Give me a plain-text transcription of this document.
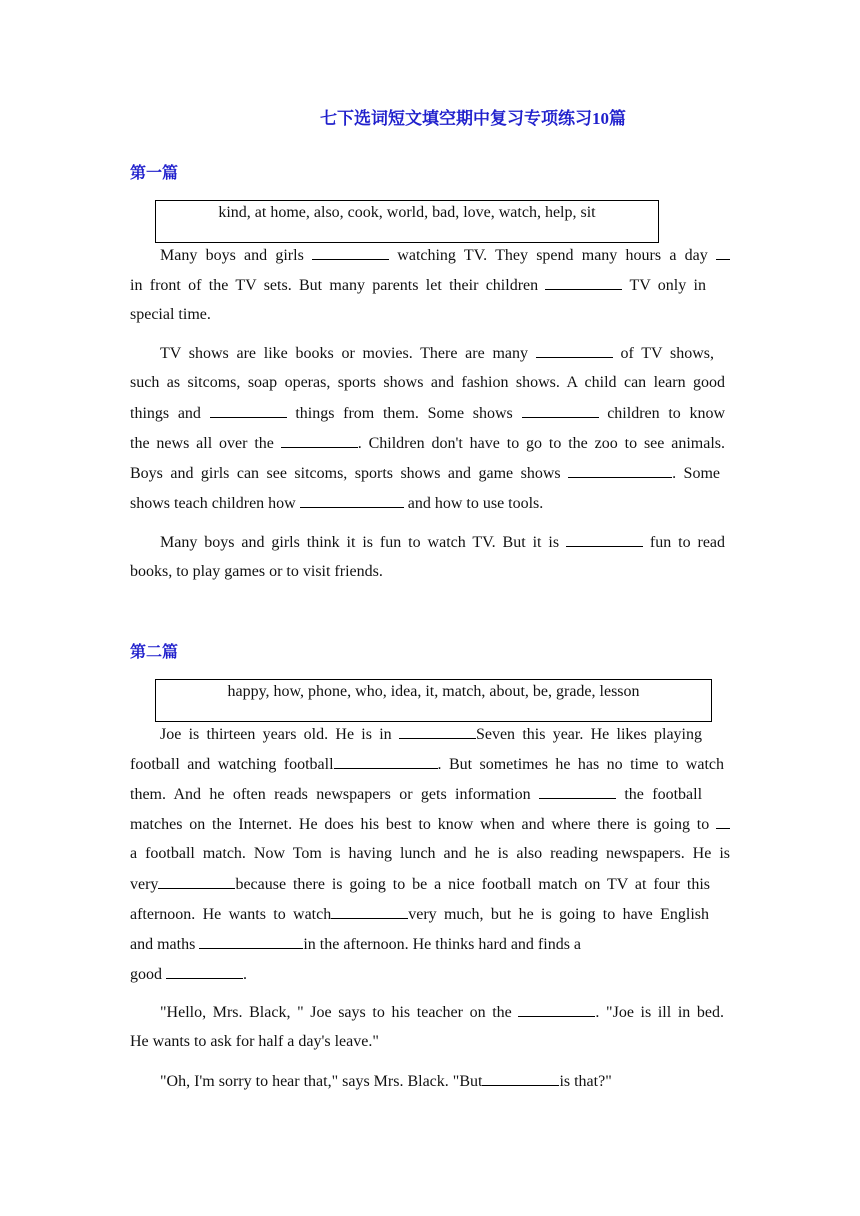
七下选词短文填空期中复习专项练习10篇
第一篇
kind, at home, also, cook, world, bad, love, watch, help, sit
Many boys and girls	watching TV. They spend many hours a day
in front of the TV sets. But many parents let their children	TV only in
special time.
TV shows are like books or movies. There are many	of TV shows,
such as sitcoms, soap operas, sports shows and fashion shows. A child can learn good
things and	things from them. Some shows	children to know
the news all over the	. Children don't have to go to the zoo to see animals.
Boys and girls can see sitcoms, sports shows and game shows	. Some
shows teach children how	and how to use tools.
Many boys and girls think it is fun to watch TV. But it is	fun to read
books, to play games or to visit friends.
第二篇
happy, how, phone, who, idea, it, match, about, be, grade, lesson
Joe is thirteen years old. He is in	Seven this year. He likes playing
football and watching football	. But sometimes he has no time to watch
them. And he often reads newspapers or gets information	the football
matches on the Internet. He does his best to know when and where there is going to
a football match. Now Tom is having lunch and he is also reading newspapers. He is
very	because there is going to be a nice football match on TV at four this
afternoon. He wants to watch	very much, but he is going to have English
and maths	in the afternoon. He thinks hard and finds a
good	.
"Hello, Mrs. Black, " Joe says to his teacher on the	. "Joe is ill in bed.
He wants to ask for half a day's leave."
"Oh, I'm sorry to hear that," says Mrs. Black. "But	is that?"
